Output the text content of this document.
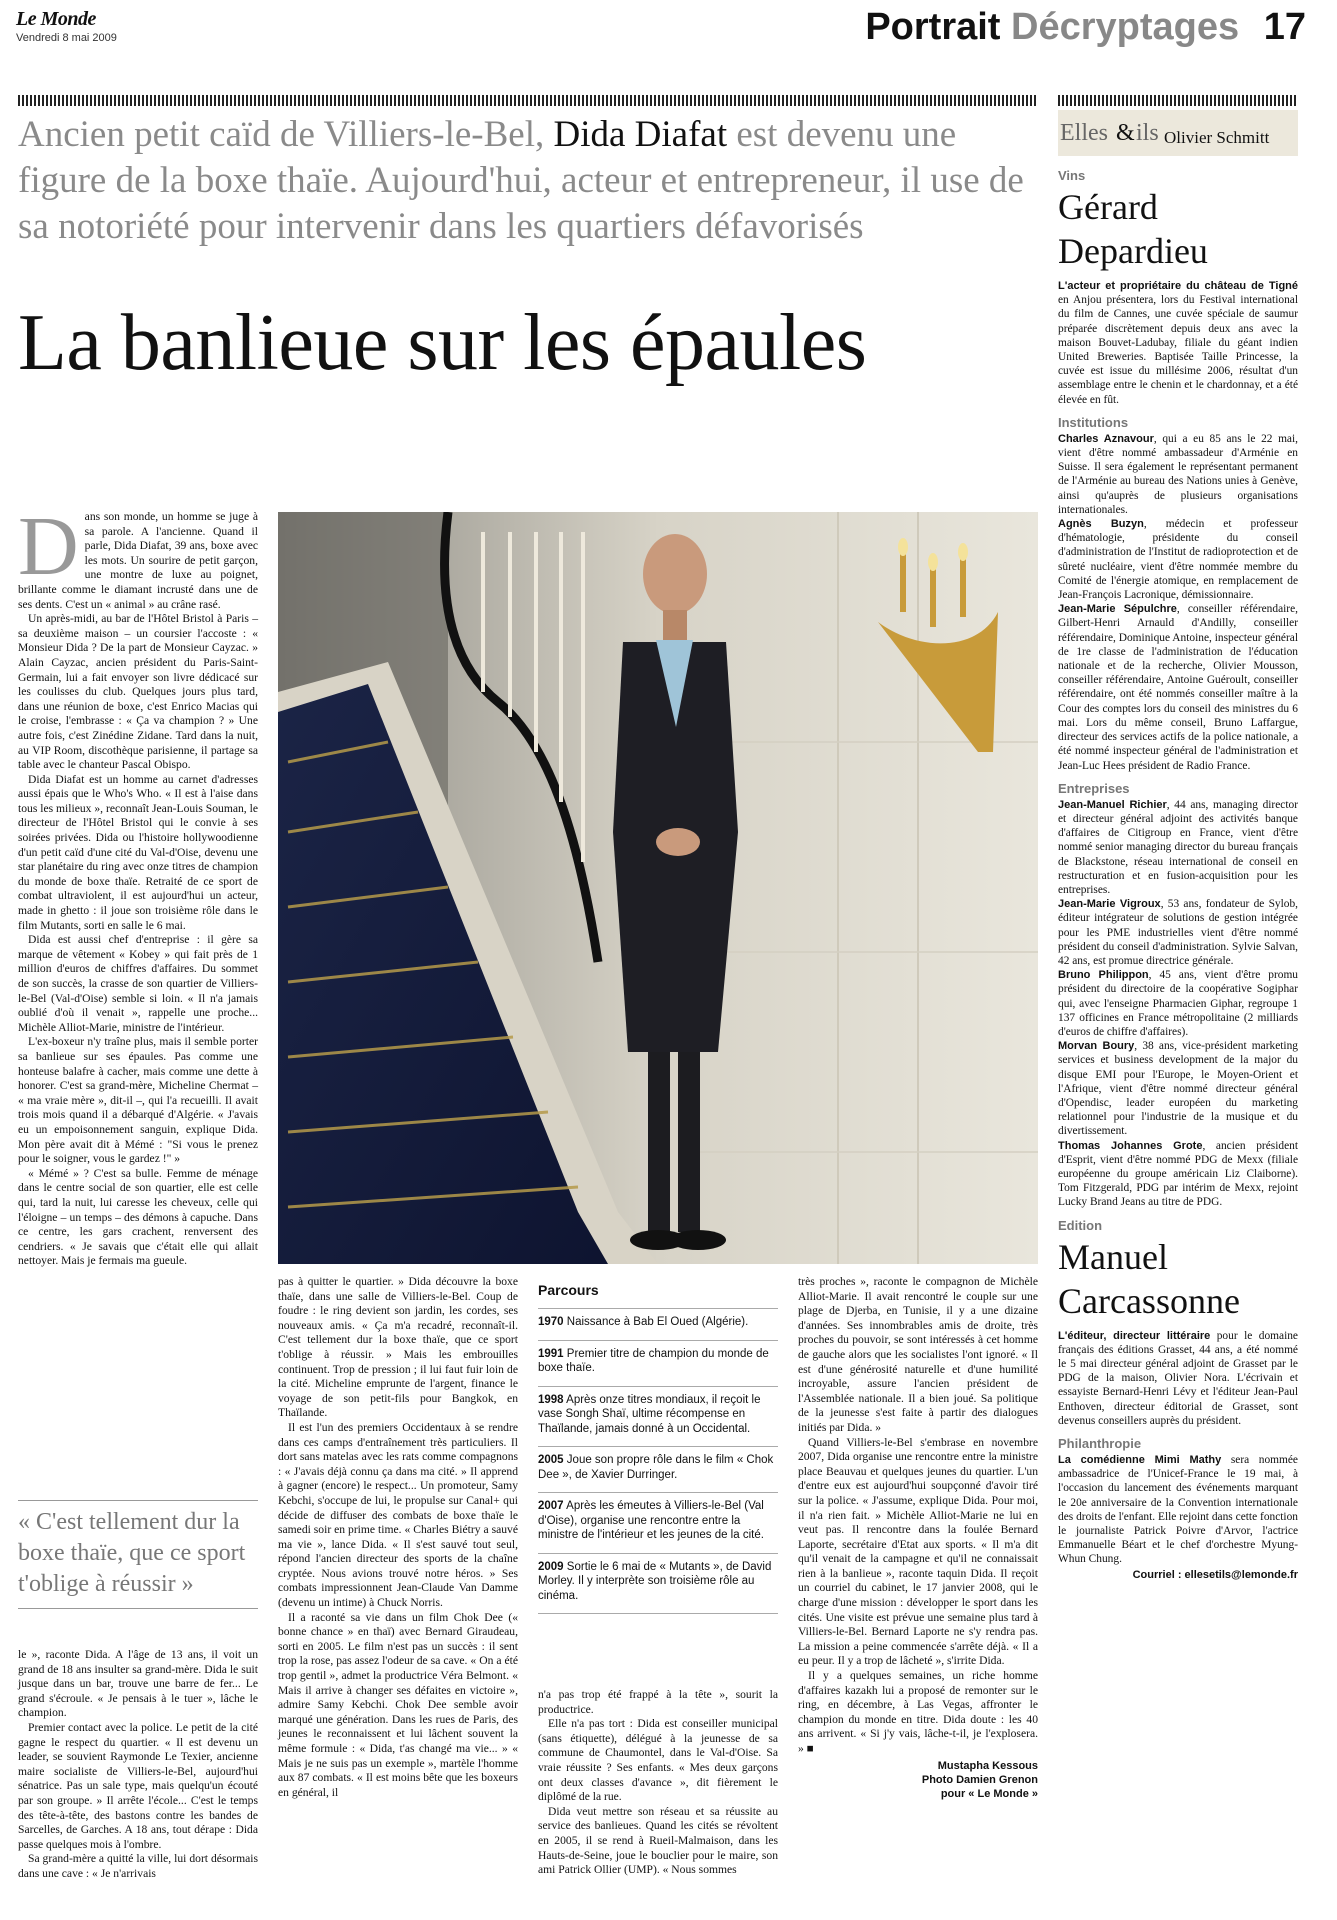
Le Monde
Vendredi 8 mai 2009	Portrait Décryptages 17
Ancien petit caïd de Villiers-le-Bel, Dida Diafat est devenu une figure de la boxe thaïe. Aujourd'hui, acteur et entrepreneur, il use de sa notoriété pour intervenir dans les quartiers défavorisés
La banlieue sur les épaules
D ans son monde, un homme se juge à sa parole. A l'ancienne. Quand il parle, Dida Diafat, 39 ans, boxe avec les mots. Un sourire de petit garçon, une montre de luxe au poignet, brillante comme le diamant incrusté dans une de ses dents. C'est un « animal » au crâne rasé.

Un après-midi, au bar de l'Hôtel Bristol à Paris – sa deuxième maison – un coursier l'accoste : « Monsieur Dida ? De la part de Monsieur Cayzac. » Alain Cayzac, ancien président du Paris-Saint-Germain, lui a fait envoyer son livre dédicacé sur les coulisses du club. Quelques jours plus tard, dans une réunion de boxe, c'est Enrico Macias qui le croise, l'embrasse : « Ça va champion ? » Une autre fois, c'est Zinédine Zidane. Tard dans la nuit, au VIP Room, discothèque parisienne, il partage sa table avec le chanteur Pascal Obispo.

Dida Diafat est un homme au carnet d'adresses aussi épais que le Who's Who. « Il est à l'aise dans tous les milieux », reconnaît Jean-Louis Souman, le directeur de l'Hôtel Bristol qui le convie à ses soirées privées. Dida ou l'histoire hollywoodienne d'un petit caïd d'une cité du Val-d'Oise, devenu une star planétaire du ring avec onze titres de champion du monde de boxe thaïe. Retraité de ce sport de combat ultraviolent, il est aujourd'hui un acteur, made in ghetto : il joue son troisième rôle dans le film Mutants, sorti en salle le 6 mai.

Dida est aussi chef d'entreprise : il gère sa marque de vêtement « Kobey » qui fait près de 1 million d'euros de chiffres d'affaires. Du sommet de son succès, la crasse de son quartier de Villiers-le-Bel (Val-d'Oise) semble si loin. « Il n'a jamais oublié d'où il venait », rappelle une proche... Michèle Alliot-Marie, ministre de l'intérieur.

L'ex-boxeur n'y traîne plus, mais il semble porter sa banlieue sur ses épaules. Pas comme une honteuse balafre à cacher, mais comme une dette à honorer. C'est sa grand-mère, Micheline Chermat – « ma vraie mère », dit-il –, qui l'a recueilli. Il avait trois mois quand il a débarqué d'Algérie. « J'avais eu un empoisonnement sanguin, explique Dida. Mon père avait dit à Mémé : "Si vous le prenez pour le soigner, vous le gardez !" »

« Mémé » ? C'est sa bulle. Femme de ménage dans le centre social de son quartier, elle est celle qui, tard la nuit, lui caresse les cheveux, celle qui l'éloigne – un temps – des démons à capuche. Dans ce centre, les gars crachent, renversent des cendriers. « Je savais que c'était elle qui allait nettoyer. Mais je fermais ma gueule.

« C'est tellement dur la boxe thaïe, que ce sport t'oblige à réussir »

le », raconte Dida. A l'âge de 13 ans, il voit un grand de 18 ans insulter sa grand-mère. Dida le suit jusque dans un bar, trouve une barre de fer... Le grand s'écroule. « Je pensais à le tuer », lâche le champion.

Premier contact avec la police. Le petit de la cité gagne le respect du quartier. « Il est devenu un leader, se souvient Raymonde Le Texier, ancienne maire socialiste de Villiers-le-Bel, aujourd'hui sénatrice. Pas un sale type, mais quelqu'un écouté par son groupe. » Il arrête l'école... C'est le temps des tête-à-tête, des bastons contre les bandes de Sarcelles, de Garches. A 18 ans, tout dérape : Dida passe quelques mois à l'ombre.

Sa grand-mère a quitté la ville, lui dort désormais dans une cave : « Je n'arrivais

pas à quitter le quartier. » Dida découvre la boxe thaïe, dans une salle de Villiers-le-Bel. Coup de foudre : le ring devient son jardin, les cordes, ses nouveaux amis. « Ça m'a recadré, reconnaît-il. C'est tellement dur la boxe thaïe, que ce sport t'oblige à réussir. » Mais les embrouilles continuent. Trop de pression ; il lui faut fuir loin de la cité. Micheline emprunte de l'argent, finance le voyage de son petit-fils pour Bangkok, en Thaïlande.

Il est l'un des premiers Occidentaux à se rendre dans ces camps d'entraînement très particuliers. Il dort sans matelas avec les rats comme compagnons : « J'avais déjà connu ça dans ma cité. » Il apprend à gagner (encore) le respect... Un promoteur, Samy Kebchi, s'occupe de lui, le propulse sur Canal+ qui décide de diffuser des combats de boxe thaïe le samedi soir en prime time. « Charles Biétry a sauvé ma vie », lance Dida. « Il s'est sauvé tout seul, répond l'ancien directeur des sports de la chaîne cryptée. Nous avions trouvé notre héros. » Ses combats impressionnent Jean-Claude Van Damme (devenu un intime) à Chuck Norris.

Il a raconté sa vie dans un film Chok Dee (« bonne chance » en thaï) avec Bernard Giraudeau, sorti en 2005. Le film n'est pas un succès : il sent trop la rose, pas assez l'odeur de sa cave. « On a été trop gentil », admet la productrice Véra Belmont. « Mais il arrive à changer ses défaites en victoire », admire Samy Kebchi. Chok Dee semble avoir marqué une génération. Dans les rues de Paris, des jeunes le reconnaissent et lui lâchent souvent la même formule : « Dida, t'as changé ma vie... » « Mais je ne suis pas un exemple », martèle l'homme aux 87 combats. « Il est moins bête que les boxeurs en général, il

Parcours
1970 Naissance à Bab El Oued (Algérie).
1991 Premier titre de champion du monde de boxe thaïe.
1998 Après onze titres mondiaux, il reçoit le vase Songh Shaï, ultime récompense en Thaïlande, jamais donné à un Occidental.
2005 Joue son propre rôle dans le film « Chok Dee », de Xavier Durringer.
2007 Après les émeutes à Villiers-le-Bel (Val d'Oise), organise une rencontre entre la ministre de l'intérieur et les jeunes de la cité.
2009 Sortie le 6 mai de « Mutants », de David Morley. Il y interprète son troisième rôle au cinéma.

n'a pas trop été frappé à la tête », sourit la productrice.

Elle n'a pas tort : Dida est conseiller municipal (sans étiquette), délégué à la jeunesse de sa commune de Chaumontel, dans le Val-d'Oise. Sa vraie réussite ? Ses enfants. « Mes deux garçons ont deux classes d'avance », dit fièrement le diplômé de la rue.

Dida veut mettre son réseau et sa réussite au service des banlieues. Quand les cités se révoltent en 2005, il se rend à Rueil-Malmaison, dans les Hauts-de-Seine, joue le bouclier pour le maire, son ami Patrick Ollier (UMP). « Nous sommes

très proches », raconte le compagnon de Michèle Alliot-Marie. Il avait rencontré le couple sur une plage de Djerba, en Tunisie, il y a une dizaine d'années. Ses innombrables amis de droite, très proches du pouvoir, se sont intéressés à cet homme de gauche alors que les socialistes l'ont ignoré. « Il est d'une générosité naturelle et d'une humilité incroyable, assure l'ancien président de l'Assemblée nationale. Il a bien joué. Sa politique de la jeunesse s'est faite à partir des dialogues initiés par Dida. »

Quand Villiers-le-Bel s'embrase en novembre 2007, Dida organise une rencontre entre la ministre place Beauvau et quelques jeunes du quartier. L'un d'entre eux est aujourd'hui soupçonné d'avoir tiré sur la police. « J'assume, explique Dida. Pour moi, il n'a rien fait. » Michèle Alliot-Marie ne lui en veut pas. Il rencontre dans la foulée Bernard Laporte, secrétaire d'Etat aux sports. « Il m'a dit qu'il venait de la campagne et qu'il ne connaissait rien à la banlieue », raconte taquin Dida. Il reçoit un courriel du cabinet, le 17 janvier 2008, qui le charge d'une mission : développer le sport dans les cités. Une visite est prévue une semaine plus tard à Villiers-le-Bel. Bernard Laporte ne s'y rendra pas. La mission a peine commencée s'arrête déjà. « Il a eu peur. Il y a trop de lâcheté », s'irrite Dida.

Il y a quelques semaines, un riche homme d'affaires kazakh lui a proposé de remonter sur le ring, en décembre, à Las Vegas, affronter le champion du monde en titre. Dida doute : les 40 ans arrivent. « Si j'y vais, lâche-t-il, je l'explosera. » ■

Mustapha Kessous
Photo Damien Grenon
pour « Le Monde »
Elles & ils Olivier Schmitt
Vins
Gérard Depardieu
L'acteur et propriétaire du château de Tigné en Anjou présentera, lors du Festival international du film de Cannes, une cuvée spéciale de saumur préparée discrètement depuis deux ans avec la maison Bouvet-Ladubay, filiale du géant indien United Breweries. Baptisée Taille Princesse, la cuvée est issue du millésime 2006, résultat d'un assemblage entre le chenin et le chardonnay, et a été élevée en fût.
Institutions
Charles Aznavour, qui a eu 85 ans le 22 mai, vient d'être nommé ambassadeur d'Arménie en Suisse. Il sera également le représentant permanent de l'Arménie au bureau des Nations unies à Genève, ainsi qu'auprès de plusieurs organisations internationales.
Agnès Buzyn, médecin et professeur d'hématologie, présidente du conseil d'administration de l'Institut de radioprotection et de sûreté nucléaire, vient d'être nommée membre du Comité de l'énergie atomique, en remplacement de Jean-François Lacronique, démissionnaire.
Jean-Marie Sépulchre, conseiller référendaire, Gilbert-Henri Arnauld d'Andilly, conseiller référendaire, Dominique Antoine, inspecteur général de 1re classe de l'administration de l'éducation nationale et de la recherche, Olivier Mousson, conseiller référendaire, Antoine Guéroult, conseiller référendaire, ont été nommés conseiller maître à la Cour des comptes lors du conseil des ministres du 6 mai. Lors du même conseil, Bruno Laffargue, directeur des services actifs de la police nationale, a été nommé inspecteur général de l'administration et Jean-Luc Hees président de Radio France.
Entreprises
Jean-Manuel Richier, 44 ans, managing director et directeur général adjoint des activités banque d'affaires de Citigroup en France, vient d'être nommé senior managing director du bureau français de Blackstone, réseau international de conseil en restructuration et en fusion-acquisition pour les entreprises.
Jean-Marie Vigroux, 53 ans, fondateur de Sylob, éditeur intégrateur de solutions de gestion intégrée pour les PME industrielles vient d'être nommé président du conseil d'administration. Sylvie Salvan, 42 ans, est promue directrice générale.
Bruno Philippon, 45 ans, vient d'être promu président du directoire de la coopérative Sogiphar qui, avec l'enseigne Pharmacien Giphar, regroupe 1 137 officines en France métropolitaine (2 milliards d'euros de chiffre d'affaires).
Morvan Boury, 38 ans, vice-président marketing services et business development de la major du disque EMI pour l'Europe, le Moyen-Orient et l'Afrique, vient d'être nommé directeur général d'Opendisc, leader européen du marketing relationnel pour l'industrie de la musique et du divertissement.
Thomas Johannes Grote, ancien président d'Esprit, vient d'être nommé PDG de Mexx (filiale européenne du groupe américain Liz Claiborne). Tom Fitzgerald, PDG par intérim de Mexx, rejoint Lucky Brand Jeans au titre de PDG.
Edition
Manuel Carcassonne
L'éditeur, directeur littéraire pour le domaine français des éditions Grasset, 44 ans, a été nommé le 5 mai directeur général adjoint de Grasset par le PDG de la maison, Olivier Nora. L'écrivain et essayiste Bernard-Henri Lévy et l'éditeur Jean-Paul Enthoven, directeur éditorial de Grasset, sont devenus conseillers auprès du président.
Philanthropie
La comédienne Mimi Mathy sera nommée ambassadrice de l'Unicef-France le 19 mai, à l'occasion du lancement des événements marquant le 20e anniversaire de la Convention internationale des droits de l'enfant. Elle rejoint dans cette fonction le journaliste Patrick Poivre d'Arvor, l'actrice Emmanuelle Béart et le chef d'orchestre Myung-Whun Chung.
Courriel : ellesetils@lemonde.fr
